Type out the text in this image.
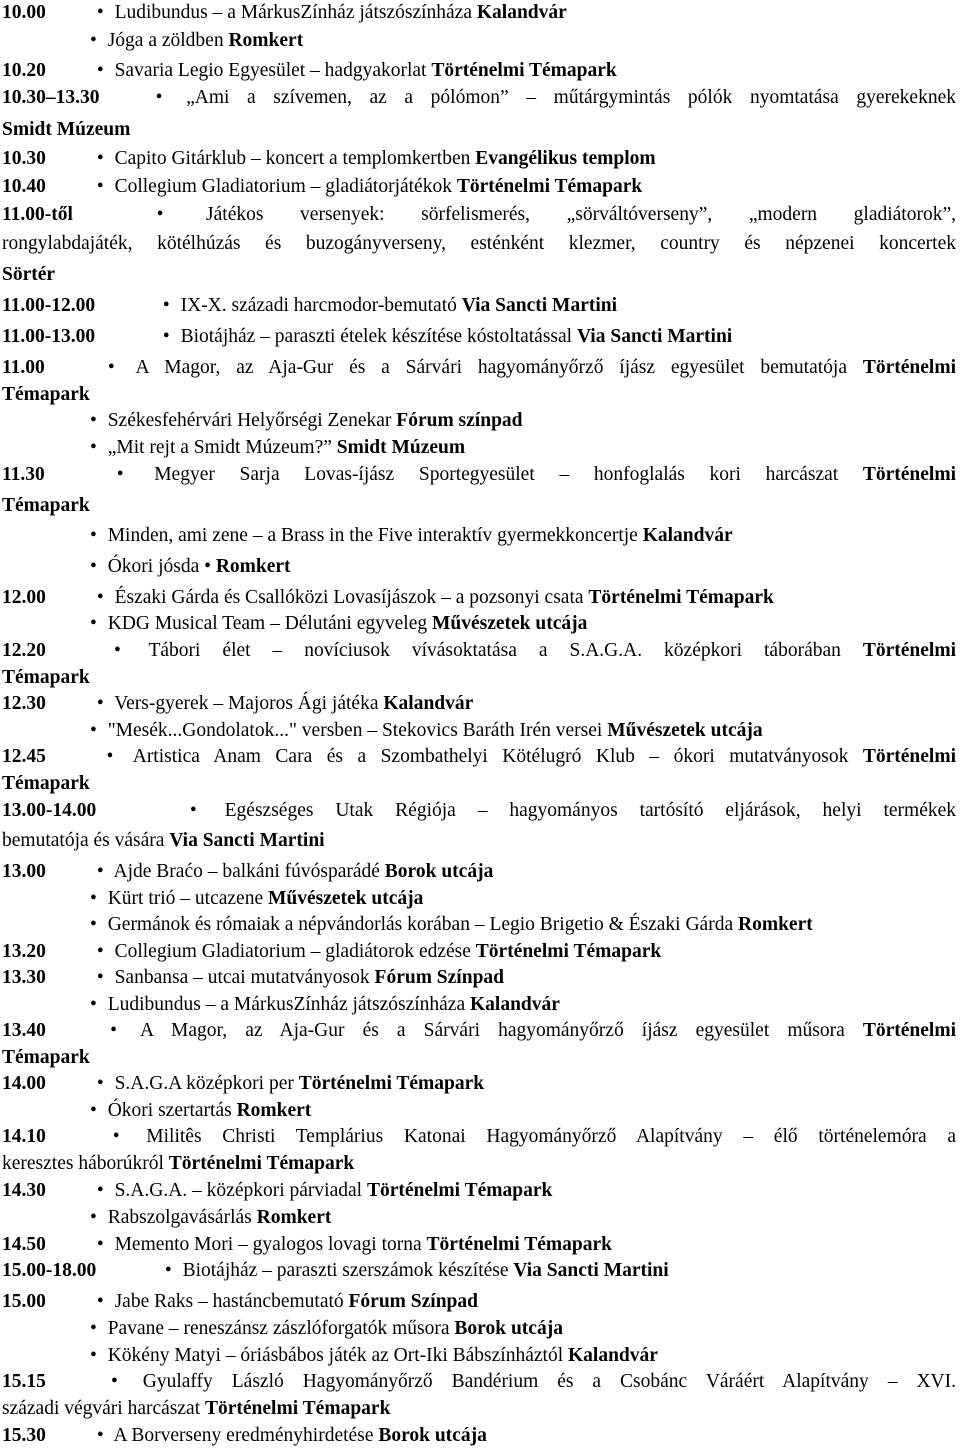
10.00	• Ludibundus – a MárkusZínház játszószínháza Kalandvár
• Jóga a zöldben Romkert
10.20	• Savaria Legio Egyesület – hadgyakorlat Történelmi Témapark
10.30–13.30	• „Ami a szívemen, az a pólómon” – műtárgymintás pólók nyomtatása gyerekeknek
Smidt Múzeum
10.30	• Capito Gitárklub – koncert a templomkertben Evangélikus templom
10.40	• Collegium Gladiatorium – gladiátorjátékok Történelmi Témapark
11.00-től	• Játékos versenyek: sörfelismerés, „sörváltóverseny”, „modern gladiátorok”,
rongylabdajáték, kötélhúzás és buzogányverseny, esténként klezmer, country és népzenei koncertek
Sörtér
11.00-12.00	• IX-X. századi harcmodor-bemutató Via Sancti Martini
11.00-13.00	• Biotájház – paraszti ételek készítése kóstoltatással Via Sancti Martini
11.00	• A Magor, az Aja-Gur és a Sárvári hagyományőrző íjász egyesület bemutatója Történelmi
Témapark
• Székesfehérvári Helyőrségi Zenekar Fórum színpad
• „Mit rejt a Smidt Múzeum?” Smidt Múzeum
11.30	• Megyer Sarja Lovas-íjász Sportegyesület – honfoglalás kori harcászat Történelmi
Témapark
• Minden, ami zene – a Brass in the Five interaktív gyermekkoncertje Kalandvár
• Ókori jósda • Romkert
12.00	• Északi Gárda és Csallóközi Lovasíjászok – a pozsonyi csata Történelmi Témapark
• KDG Musical Team – Délutáni egyveleg Művészetek utcája
12.20	• Tábori élet – novíciusok vívásoktatása a S.A.G.A. középkori táborában Történelmi
Témapark
12.30	• Vers-gyerek – Majoros Ági játéka Kalandvár
• "Mesék...Gondolatok..." versben – Stekovics Baráth Irén versei Művészetek utcája
12.45	• Artistica Anam Cara és a Szombathelyi Kötélugró Klub – ókori mutatványosok Történelmi
Témapark
13.00-14.00	• Egészséges Utak Régiója – hagyományos tartósító eljárások, helyi termékek
bemutatója és vására Via Sancti Martini
13.00	• Ajde Braćo – balkáni fúvósparádé Borok utcája
• Kürt trió – utcazene Művészetek utcája
• Germánok és rómaiak a népvándorlás korában – Legio Brigetio & Északi Gárda Romkert
13.20	• Collegium Gladiatorium – gladiátorok edzése Történelmi Témapark
13.30	• Sanbansa – utcai mutatványosok Fórum Színpad
• Ludibundus – a MárkusZínház játszószínháza Kalandvár
13.40	• A Magor, az Aja-Gur és a Sárvári hagyományőrző íjász egyesület műsora Történelmi
Témapark
14.00	• S.A.G.A középkori per Történelmi Témapark
• Ókori szertartás Romkert
14.10	• Militês Christi Templárius Katonai Hagyományőrző Alapítvány – élő történelemóra a
keresztes háborúkról Történelmi Témapark
14.30	• S.A.G.A. – középkori párviadal Történelmi Témapark
• Rabszolgavásárlás Romkert
14.50	• Memento Mori – gyalogos lovagi torna Történelmi Témapark
15.00-18.00	• Biotájház – paraszti szerszámok készítése Via Sancti Martini
15.00	• Jabe Raks – hastáncbemutató Fórum Színpad
• Pavane – reneszánsz zászlóforgatók műsora Borok utcája
• Kökény Matyi – óriásbábos játék az Ort-Iki Bábszínháztól Kalandvár
15.15	• Gyulaffy László Hagyományőrző Bandérium és a Csobánc Váráért Alapítvány – XVI.
századi végvári harcászat Történelmi Témapark
15.30	• A Borverseny eredményhirdetése Borok utcája
